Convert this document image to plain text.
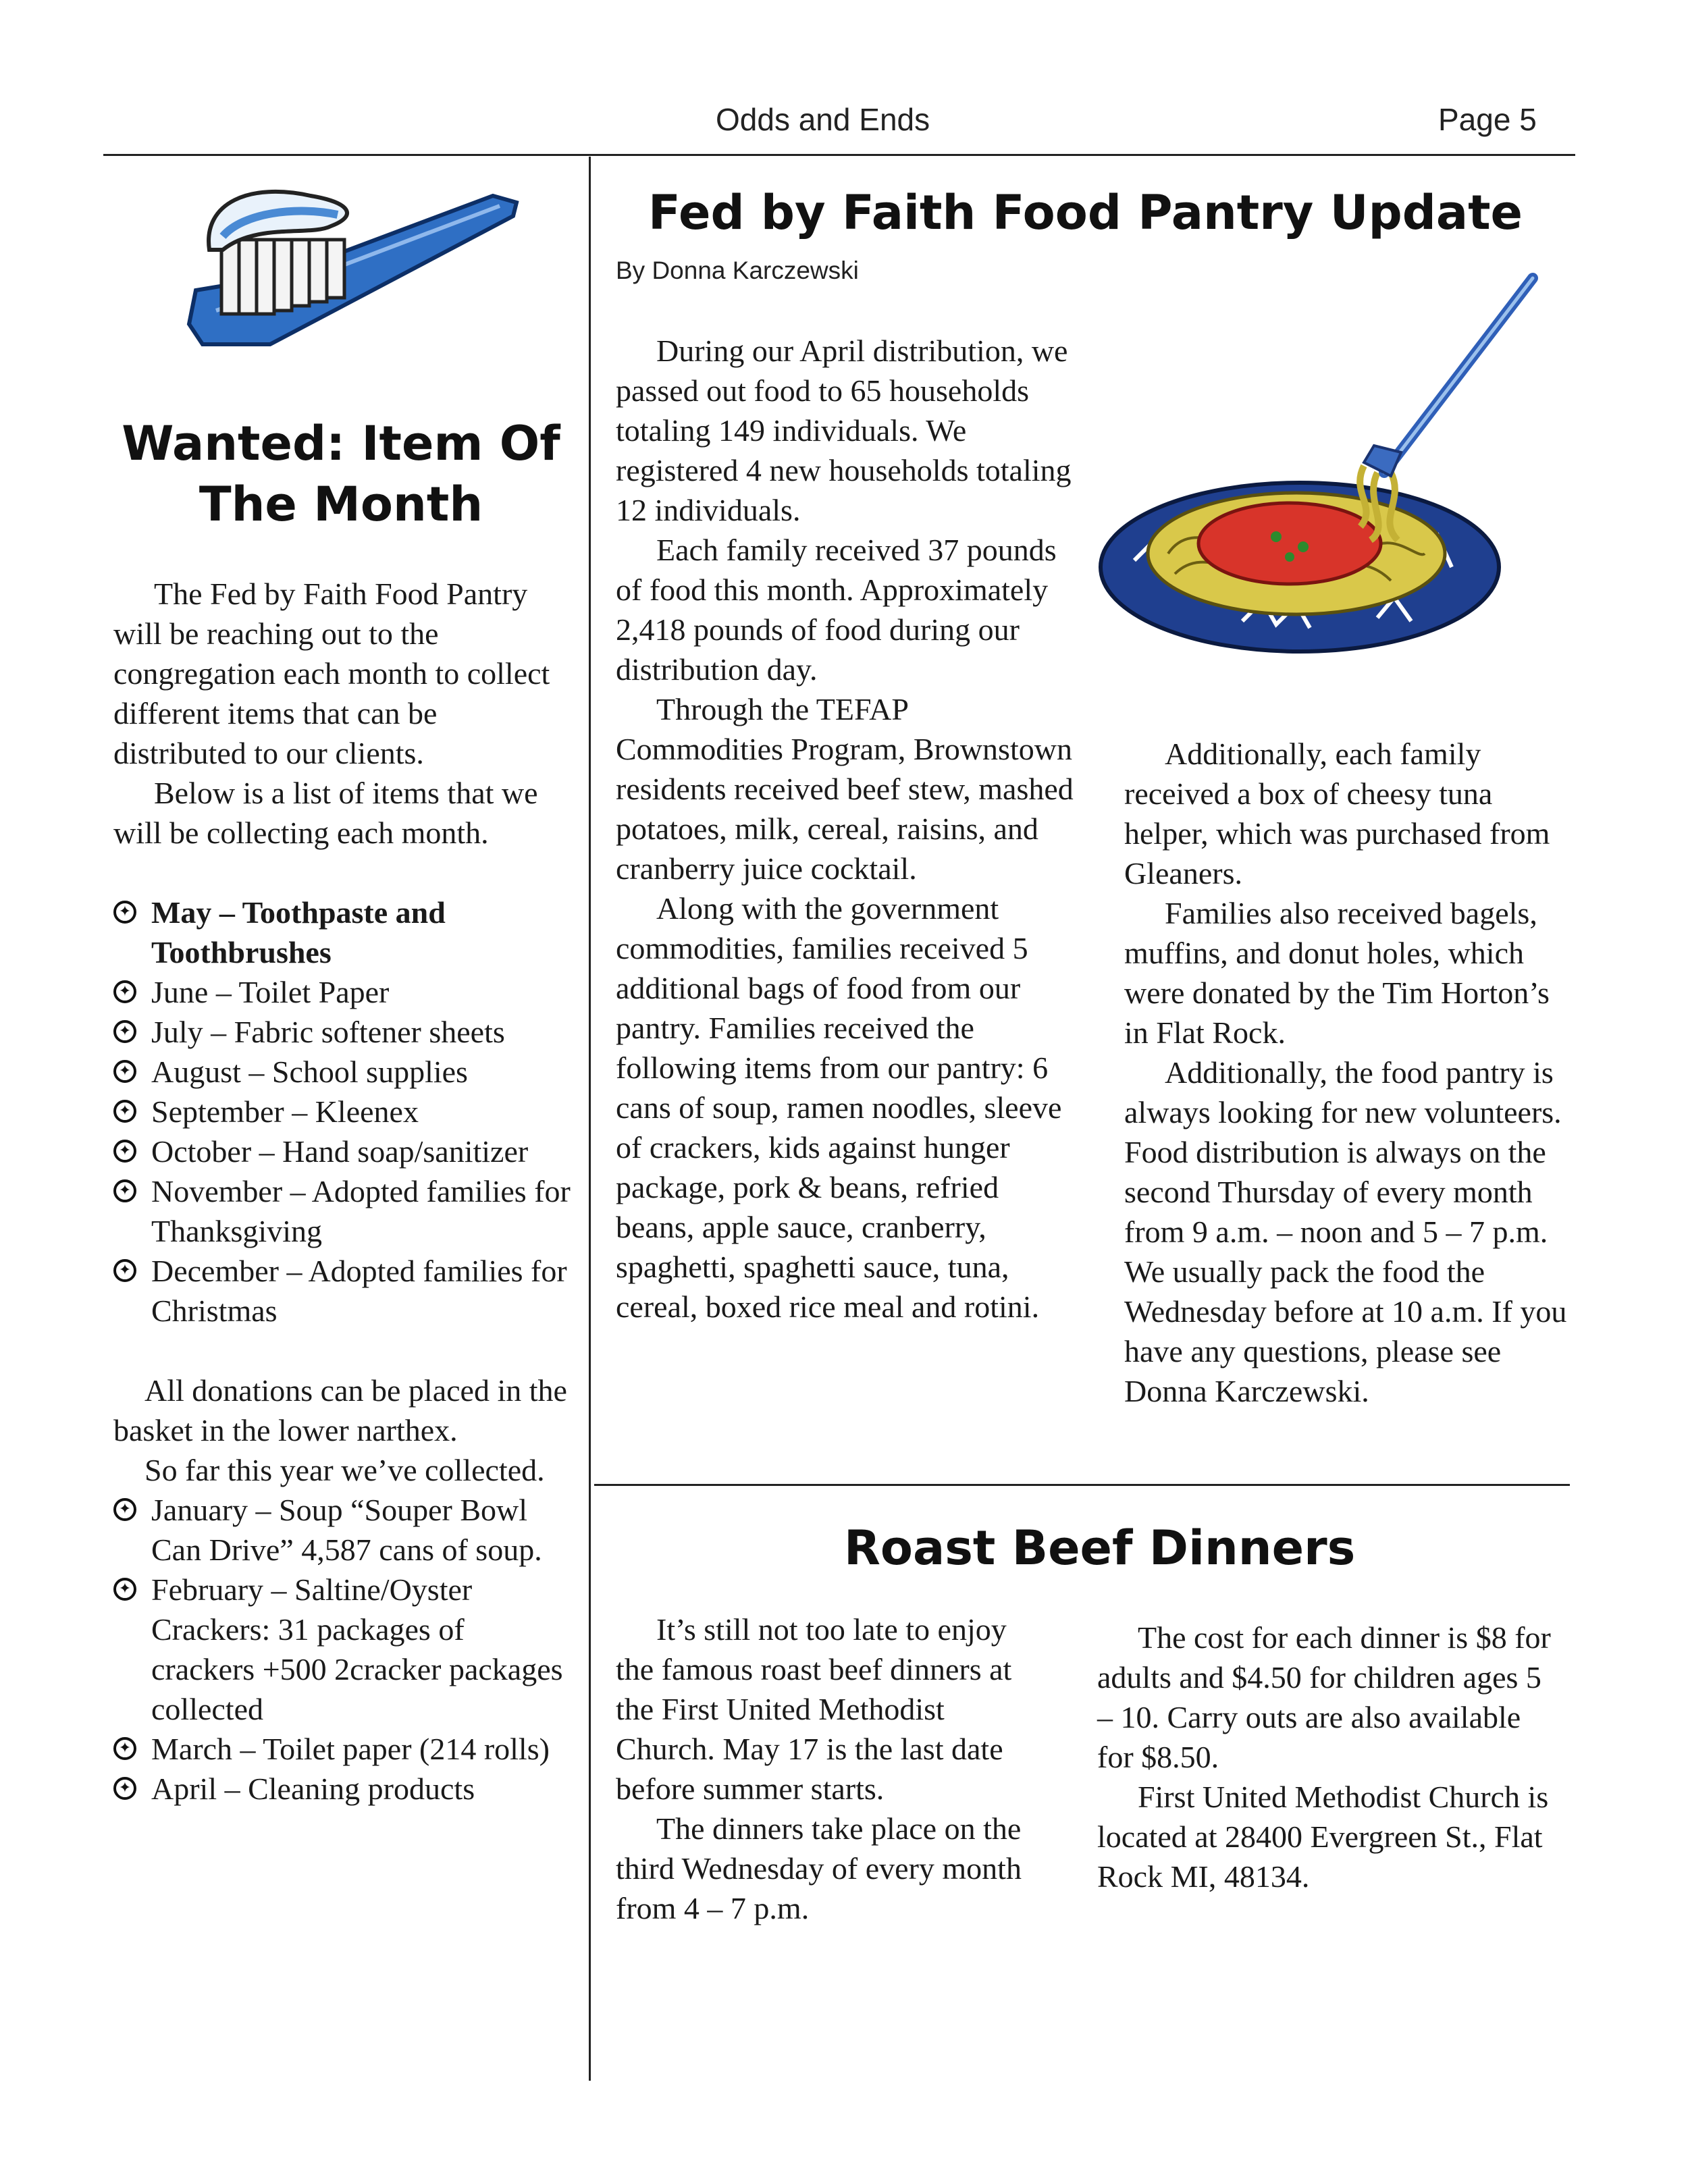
Odds and Ends	Page 5
Wanted: Item Of
The Month

The Fed by Faith Food Pantry will be reaching out to the congregation each month to collect different items that can be distributed to our clients.

Below is a list of items that we will be collecting each month.

✦ May – Toothpaste and Toothbrushes
✦ June – Toilet Paper
✦ July – Fabric softener sheets
✦ August – School supplies
✦ September – Kleenex
✦ October – Hand soap/sanitizer
✦ November – Adopted families for Thanksgiving
✦ December – Adopted families for Christmas

All donations can be placed in the basket in the lower narthex.

So far this year we’ve collected.

✦ January – Soup “Souper Bowl Can Drive” 4,587 cans of soup.
✦ February – Saltine/Oyster Crackers: 31 packages of crackers +500 2cracker packages collected
✦ March – Toilet paper (214 rolls)
✦ April – Cleaning products
Fed by Faith Food Pantry Update
By Donna Karczewski

During our April distribution, we passed out food to 65 households totaling 149 individuals. We registered 4 new households totaling 12 individuals.

Each family received 37 pounds of food this month. Approximately 2,418 pounds of food during our distribution day.

Through the TEFAP Commodities Program, Brownstown residents received beef stew, mashed potatoes, milk, cereal, raisins, and cranberry juice cocktail.

Along with the government commodities, families received 5 additional bags of food from our pantry. Families received the following items from our pantry: 6 cans of soup, ramen noodles, sleeve of crackers, kids against hunger package, pork & beans, refried beans, apple sauce, cranberry, spaghetti, spaghetti sauce, tuna, cereal, boxed rice meal and rotini.

Additionally, each family received a box of cheesy tuna helper, which was purchased from Gleaners.

Families also received bagels, muffins, and donut holes, which were donated by the Tim Horton’s in Flat Rock.

Additionally, the food pantry is always looking for new volunteers. Food distribution is always on the second Thursday of every month from 9 a.m. – noon and 5 – 7 p.m. We usually pack the food the Wednesday before at 10 a.m. If you have any questions, please see Donna Karczewski.

Roast Beef Dinners

It’s still not too late to enjoy the famous roast beef dinners at the First United Methodist Church. May 17 is the last date before summer starts.

The dinners take place on the third Wednesday of every month from 4 – 7 p.m.

The cost for each dinner is $8 for adults and $4.50 for children ages 5 – 10. Carry outs are also available for $8.50.

First United Methodist Church is located at 28400 Evergreen St., Flat Rock MI, 48134.
